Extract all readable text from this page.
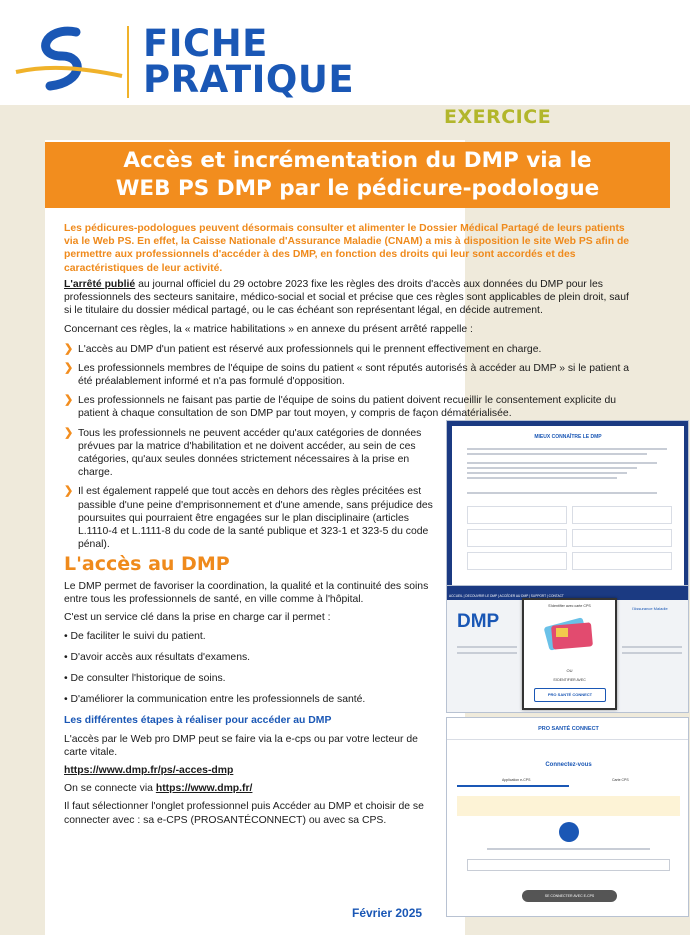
FICHE
PRATIQUE
EXERCICE
Accès et incrémentation du DMP via le
WEB PS DMP par le pédicure-podologue
Les pédicures-podologues peuvent désormais consulter et alimenter le Dossier Médical Partagé de leurs patients via le Web PS. En effet, la Caisse Nationale d'Assurance Maladie (CNAM) a mis à disposition le site Web PS afin de permettre aux professionnels d'accéder à des DMP, en fonction des droits qui leur sont accordés et des caractéristiques de leur activité.
L'arrêté publié au journal officiel du 29 octobre 2023 fixe les règles des droits d'accès aux données du DMP pour les professionnels des secteurs sanitaire, médico-social et social et précise que ces règles sont applicables de plein droit, sauf si le titulaire du dossier médical partagé, ou le cas échéant son représentant légal, en décide autrement.
Concernant ces règles, la « matrice habilitations » en annexe du présent arrêté rappelle :
❯ L'accès au DMP d'un patient est réservé aux professionnels qui le prennent effectivement en charge.
❯ Les professionnels membres de l'équipe de soins du patient « sont réputés autorisés à accéder au DMP » si le patient a été préalablement informé et n'a pas formulé d'opposition.
❯ Les professionnels ne faisant pas partie de l'équipe de soins du patient doivent recueillir le consentement explicite du patient à chaque consultation de son DMP par tout moyen, y compris de façon dématérialisée.
❯ Tous les professionnels ne peuvent accéder qu'aux catégories de données prévues par la matrice d'habilitation et ne doivent accéder, au sein de ces catégories, qu'aux seules données strictement nécessaires à la prise en charge.
❯ Il est également rappelé que tout accès en dehors des règles précitées est passible d'une peine d'emprisonnement et d'une amende, sans préjudice des poursuites qui pourraient être engagées sur le plan disciplinaire (articles L.1110-4 et L.1111-8 du code de la santé publique et 323-1 et 323-5 du code pénal).
L'accès au DMP
Le DMP permet de favoriser la coordination, la qualité et la continuité des soins entre tous les professionnels de santé, en ville comme à l'hôpital.
C'est un service clé dans la prise en charge car il permet :
• De faciliter le suivi du patient.
• D'avoir accès aux résultats d'examens.
• De consulter l'historique de soins.
• D'améliorer la communication entre les professionnels de santé.
Les différentes étapes à réaliser pour accéder au DMP
L'accès par le Web pro DMP peut se faire via la e-cps ou par votre lecteur de carte vitale.
https://www.dmp.fr/ps/-acces-dmp
On se connecte via https://www.dmp.fr/
Il faut sélectionner l'onglet professionnel puis Accéder au DMP et choisir de se connecter avec : sa e-CPS (PROSANTÉCONNECT) ou avec sa CPS.
MIEUX CONNAÎTRE LE DMP
ACCUEIL | DECOUVRIR LE DMP | ACCÉDER AU DMP | SUPPORT | CONTACT
DMP
l'Assurance Maladie
S'identifier avec carte CPS
OU
S'IDENTIFIER AVEC
PRO SANTÉ CONNECT
PRO SANTÉ CONNECT
Connectez-vous
Application e-CPS	Carte CPS
SE CONNECTER AVEC E-CPS
Février 2025
